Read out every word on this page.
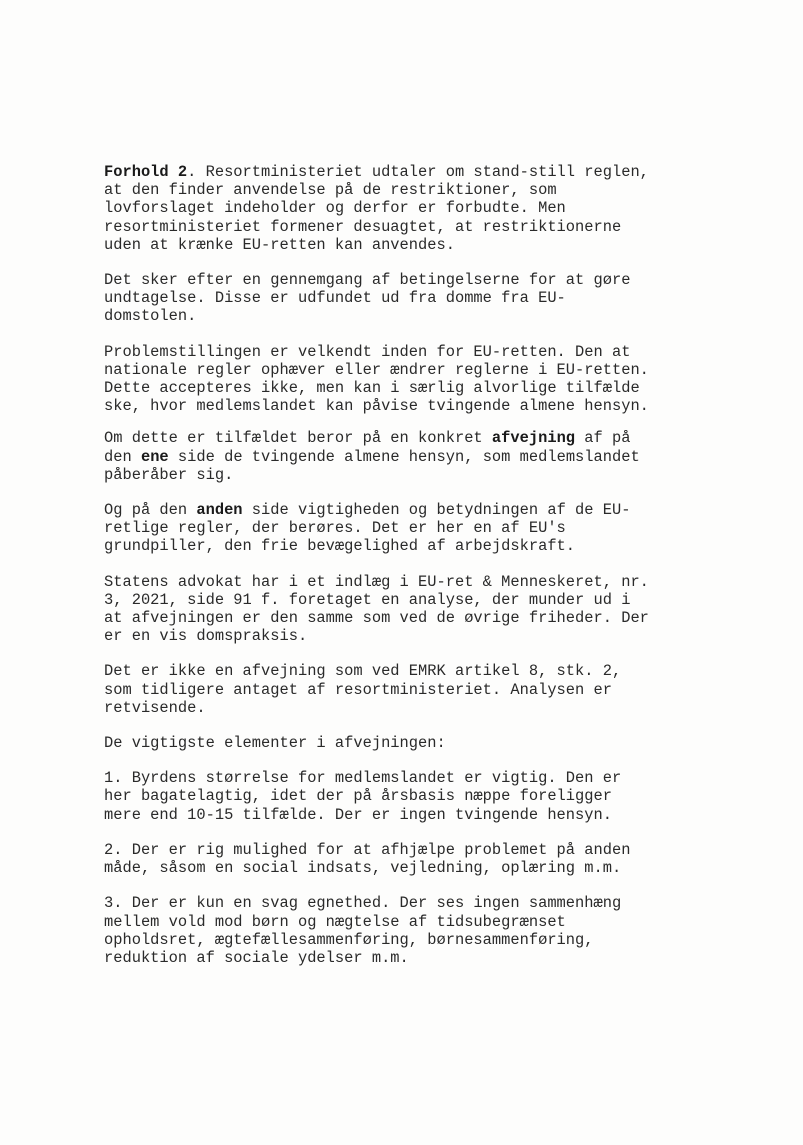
Forhold 2. Resortministeriet udtaler om stand-still reglen,
at den finder anvendelse på de restriktioner, som
lovforslaget indeholder og derfor er forbudte. Men
resortministeriet formener desuagtet, at restriktionerne
uden at krænke EU-retten kan anvendes.
Det sker efter en gennemgang af betingelserne for at gøre
undtagelse. Disse er udfundet ud fra domme fra EU-
domstolen.
Problemstillingen er velkendt inden for EU-retten. Den at
nationale regler ophæver eller ændrer reglerne i EU-retten.
Dette accepteres ikke, men kan i særlig alvorlige tilfælde
ske, hvor medlemslandet kan påvise tvingende almene hensyn.
Om dette er tilfældet beror på en konkret afvejning af på
den ene side de tvingende almene hensyn, som medlemslandet
påberåber sig.
Og på den anden side vigtigheden og betydningen af de EU-
retlige regler, der berøres. Det er her en af EU's
grundpiller, den frie bevægelighed af arbejdskraft.
Statens advokat har i et indlæg i EU-ret & Menneskeret, nr.
3, 2021, side 91 f. foretaget en analyse, der munder ud i
at afvejningen er den samme som ved de øvrige friheder. Der
er en vis domspraksis.
Det er ikke en afvejning som ved EMRK artikel 8, stk. 2,
som tidligere antaget af resortministeriet. Analysen er
retvisende.
De vigtigste elementer i afvejningen:
1. Byrdens størrelse for medlemslandet er vigtig. Den er
her bagatelagtig, idet der på årsbasis næppe foreligger
mere end 10-15 tilfælde. Der er ingen tvingende hensyn.
2. Der er rig mulighed for at afhjælpe problemet på anden
måde, såsom en social indsats, vejledning, oplæring m.m.
3. Der er kun en svag egnethed. Der ses ingen sammenhæng
mellem vold mod børn og nægtelse af tidsubegrænset
opholdsret, ægtefællesammenføring, børnesammenføring,
reduktion af sociale ydelser m.m.
